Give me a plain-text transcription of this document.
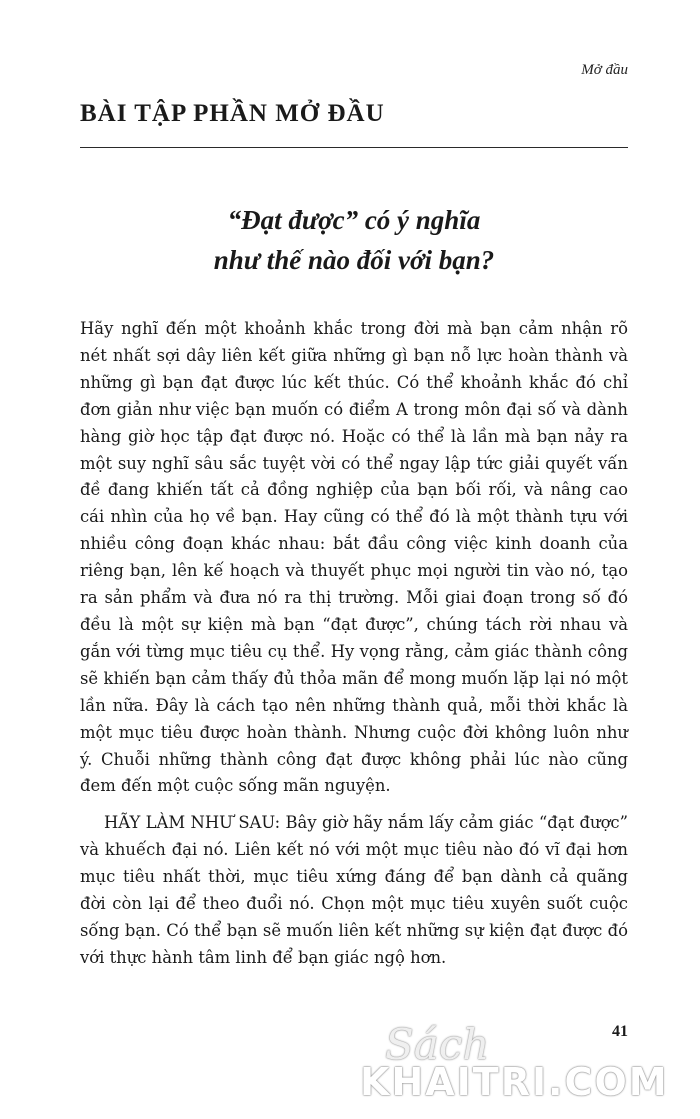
Mở đầu
BÀI TẬP PHẦN MỞ ĐẦU
“Đạt được” có ý nghĩa
như thế nào đối với bạn?

Hãy nghĩ đến một khoảnh khắc trong đời mà bạn cảm nhận rõ nét nhất sợi dây liên kết giữa những gì bạn nỗ lực hoàn thành và những gì bạn đạt được lúc kết thúc. Có thể khoảnh khắc đó chỉ đơn giản như việc bạn muốn có điểm A trong môn đại số và dành hàng giờ học tập đạt được nó. Hoặc có thể là lần mà bạn nảy ra một suy nghĩ sâu sắc tuyệt vời có thể ngay lập tức giải quyết vấn đề đang khiến tất cả đồng nghiệp của bạn bối rối, và nâng cao cái nhìn của họ về bạn. Hay cũng có thể đó là một thành tựu với nhiều công đoạn khác nhau: bắt đầu công việc kinh doanh của riêng bạn, lên kế hoạch và thuyết phục mọi người tin vào nó, tạo ra sản phẩm và đưa nó ra thị trường. Mỗi giai đoạn trong số đó đều là một sự kiện mà bạn “đạt được”, chúng tách rời nhau và gắn với từng mục tiêu cụ thể. Hy vọng rằng, cảm giác thành công sẽ khiến bạn cảm thấy đủ thỏa mãn để mong muốn lặp lại nó một lần nữa. Đây là cách tạo nên những thành quả, mỗi thời khắc là một mục tiêu được hoàn thành. Nhưng cuộc đời không luôn như ý. Chuỗi những thành công đạt được không phải lúc nào cũng đem đến một cuộc sống mãn nguyện.

HÃY LÀM NHƯ SAU: Bây giờ hãy nắm lấy cảm giác “đạt được” và khuếch đại nó. Liên kết nó với một mục tiêu nào đó vĩ đại hơn mục tiêu nhất thời, mục tiêu xứng đáng để bạn dành cả quãng đời còn lại để theo đuổi nó. Chọn một mục tiêu xuyên suốt cuộc sống bạn. Có thể bạn sẽ muốn liên kết những sự kiện đạt được đó với thực hành tâm linh để bạn giác ngộ hơn.

41
Sách
KHAITRI.COM
